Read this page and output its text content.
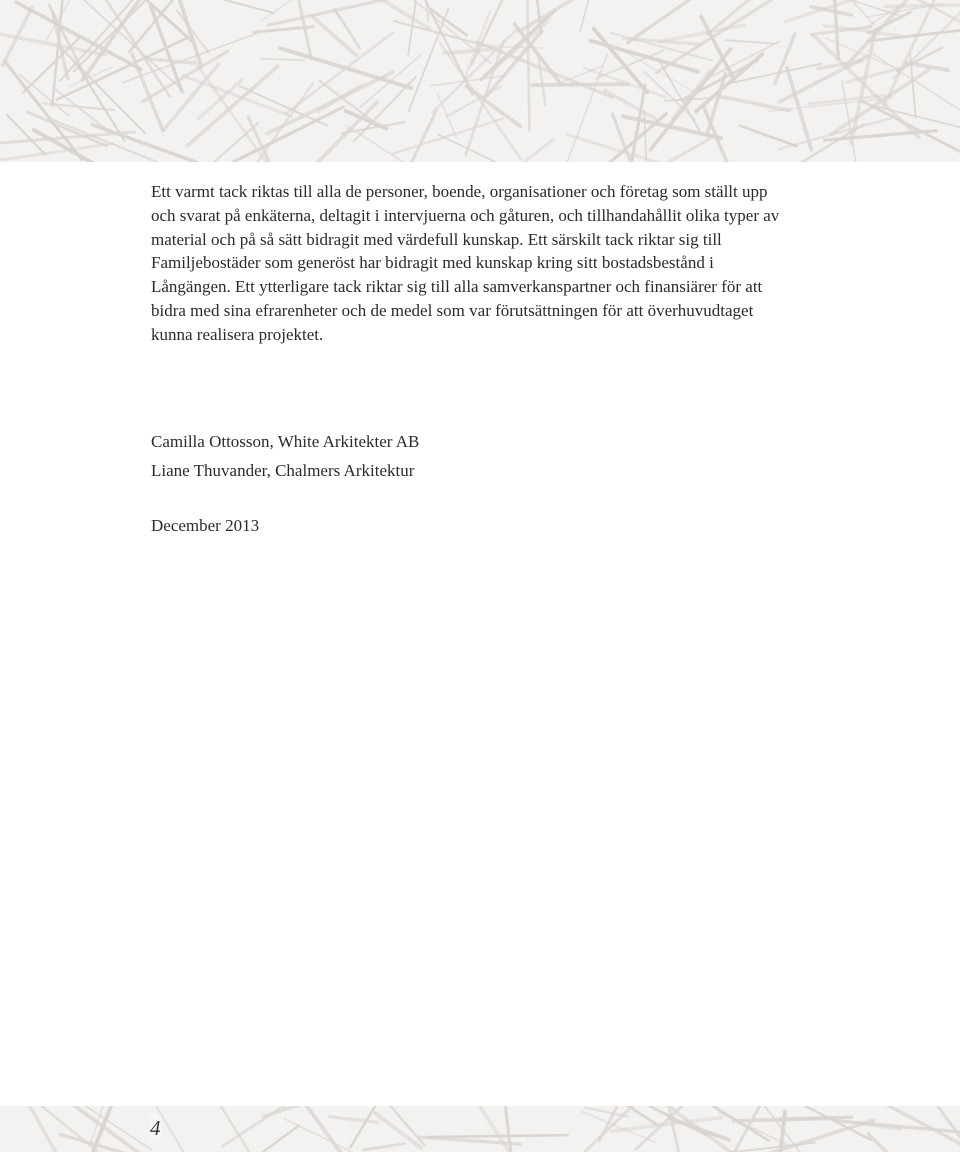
Ett varmt tack riktas till alla de personer, boende, organisationer och företag som ställt upp och svarat på enkäterna, deltagit i intervjuerna och gåturen, och tillhandahållit olika typer av material och på så sätt bidragit med värdefull kunskap. Ett särskilt tack riktar sig till Familjebostäder som generöst har bidragit med kunskap kring sitt bostadsbestånd i Långängen. Ett ytterligare tack riktar sig till alla samverkanspartner och finansiärer för att bidra med sina efrarenheter och de medel som var förutsättningen för att överhuvudtaget kunna realisera projektet.

Camilla Ottosson, White Arkitekter AB
Liane Thuvander, Chalmers Arkitektur
December 2013
4
